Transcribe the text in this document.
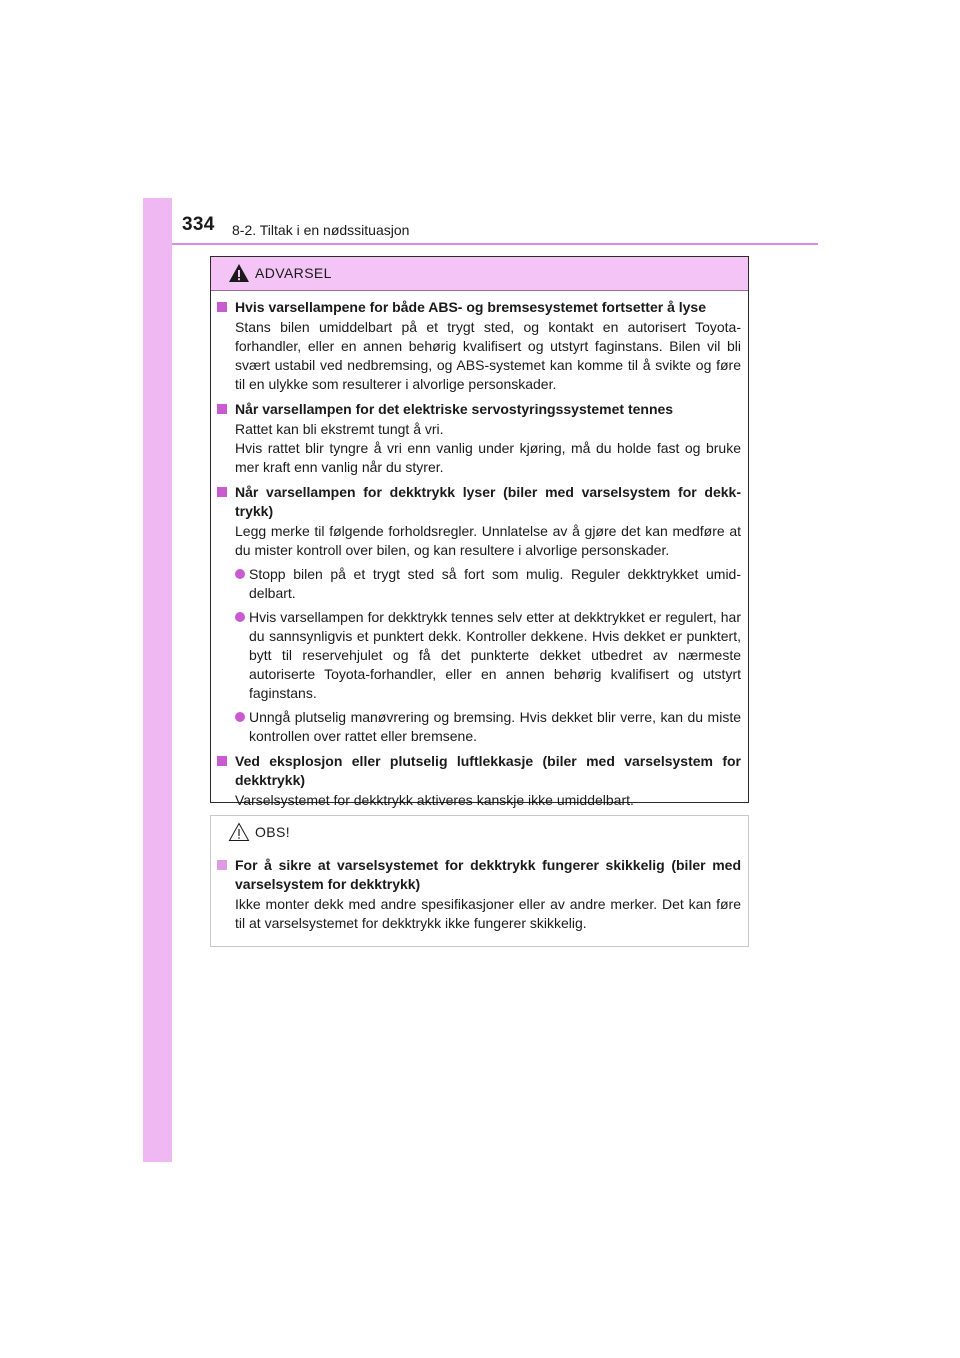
334 8-2. Tiltak i en nødssituasjon
ADVARSEL
Hvis varsellampene for både ABS- og bremsesystemet fortsetter å lyse
Stans bilen umiddelbart på et trygt sted, og kontakt en autorisert Toyota-forhandler, eller en annen behørig kvalifisert og utstyrt faginstans. Bilen vil bli svært ustabil ved nedbremsing, og ABS-systemet kan komme til å svikte og føre til en ulykke som resulterer i alvorlige personskader.
Når varsellampen for det elektriske servostyringssystemet tennes
Rattet kan bli ekstremt tungt å vri.
Hvis rattet blir tyngre å vri enn vanlig under kjøring, må du holde fast og bruke mer kraft enn vanlig når du styrer.
Når varsellampen for dekktrykk lyser (biler med varselsystem for dekk-trykk)
Legg merke til følgende forholdsregler. Unnlatelse av å gjøre det kan medføre at du mister kontroll over bilen, og kan resultere i alvorlige personskader.
Stopp bilen på et trygt sted så fort som mulig. Reguler dekktrykket umid-delbart.
Hvis varsellampen for dekktrykk tennes selv etter at dekktrykket er regulert, har du sannsynligvis et punktert dekk. Kontroller dekkene. Hvis dekket er punktert, bytt til reservehjulet og få det punkterte dekket utbedret av nærmeste autoriserte Toyota-forhandler, eller en annen behørig kvalifisert og utstyrt faginstans.
Unngå plutselig manøvrering og bremsing. Hvis dekket blir verre, kan du miste kontrollen over rattet eller bremsene.
Ved eksplosjon eller plutselig luftlekkasje (biler med varselsystem for dekktrykk)
Varselsystemet for dekktrykk aktiveres kanskje ikke umiddelbart.
OBS!
For å sikre at varselsystemet for dekktrykk fungerer skikkelig (biler med varselsystem for dekktrykk)
Ikke monter dekk med andre spesifikasjoner eller av andre merker. Det kan føre til at varselsystemet for dekktrykk ikke fungerer skikkelig.
